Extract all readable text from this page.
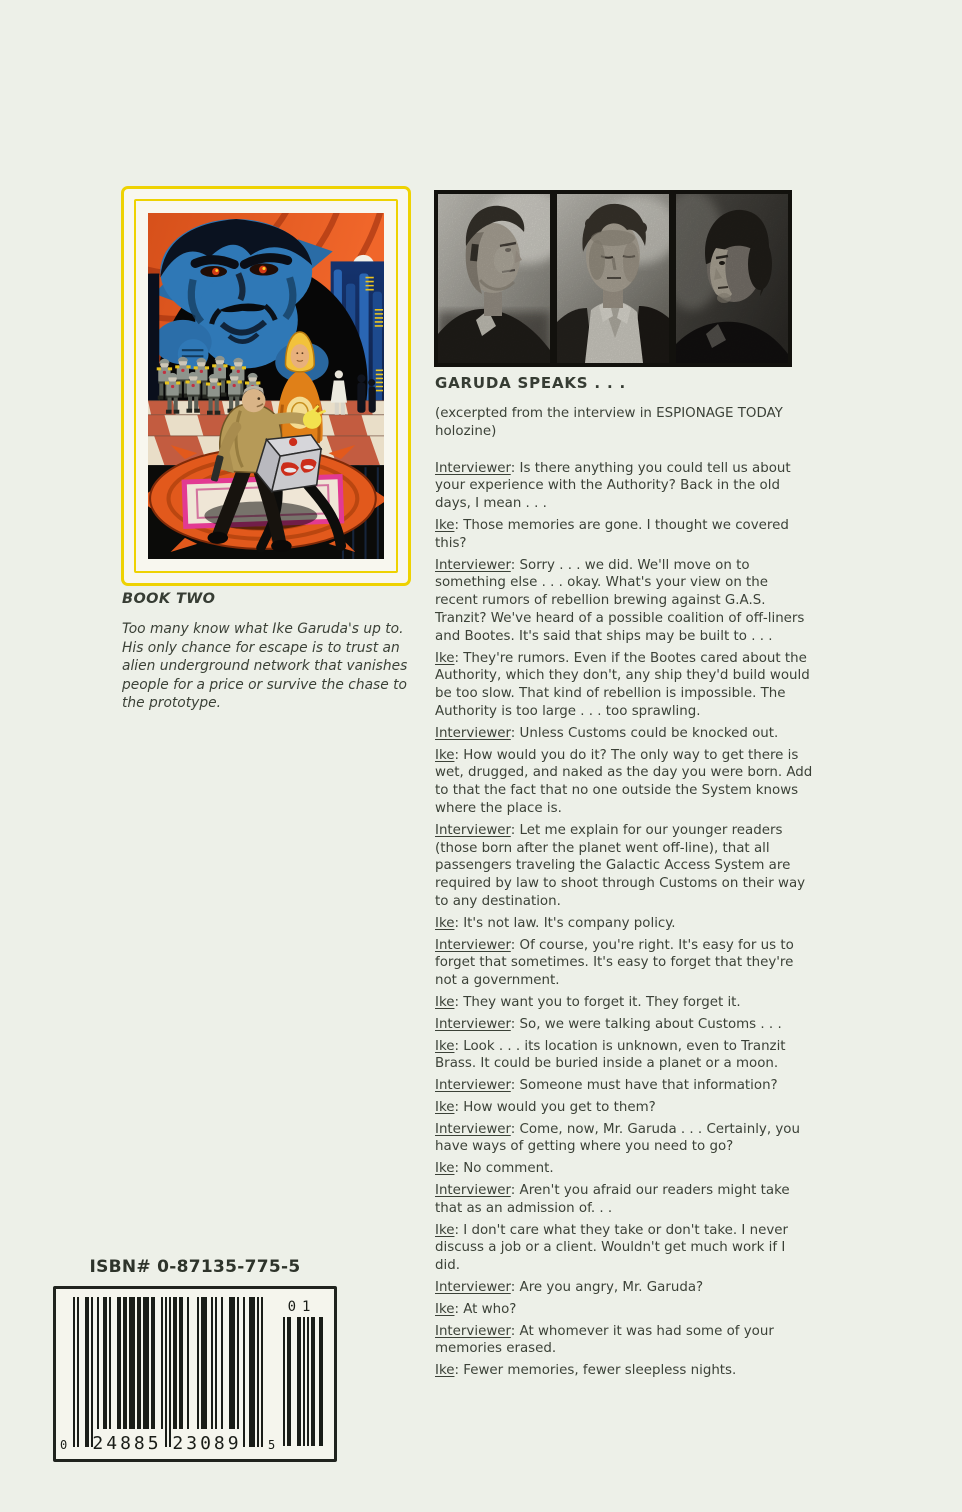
BOOK TWO
Too many know what Ike Garuda's up to. His only chance for escape is to trust an alien underground network that vanishes people for a price or survive the chase to the prototype.
GARUDA SPEAKS . . .
(excerpted from the interview in ESPIONAGE TODAY holozine)

Interviewer: Is there anything you could tell us about your experience with the Authority? Back in the old days, I mean . . .

Ike: Those memories are gone. I thought we covered this?

Interviewer: Sorry . . . we did. We'll move on to something else . . . okay. What's your view on the recent rumors of rebellion brewing against G.A.S. Tranzit? We've heard of a possible coalition of off-liners and Bootes. It's said that ships may be built to . . .

Ike: They're rumors. Even if the Bootes cared about the Authority, which they don't, any ship they'd build would be too slow. That kind of rebellion is impossible. The Authority is too large . . . too sprawling.

Interviewer: Unless Customs could be knocked out.

Ike: How would you do it? The only way to get there is wet, drugged, and naked as the day you were born. Add to that the fact that no one outside the System knows where the place is.

Interviewer: Let me explain for our younger readers (those born after the planet went off-line), that all passengers traveling the Galactic Access System are required by law to shoot through Customs on their way to any destination.

Ike: It's not law. It's company policy.

Interviewer: Of course, you're right. It's easy for us to forget that sometimes. It's easy to forget that they're not a government.

Ike: They want you to forget it. They forget it.

Interviewer: So, we were talking about Customs . . .

Ike: Look . . . its location is unknown, even to Tranzit Brass. It could be buried inside a planet or a moon.

Interviewer: Someone must have that information?

Ike: How would you get to them?

Interviewer: Come, now, Mr. Garuda . . . Certainly, you have ways of getting where you need to go?

Ike: No comment.

Interviewer: Aren't you afraid our readers might take that as an admission of. . .

Ike: I don't care what they take or don't take. I never discuss a job or a client. Wouldn't get much work if I did.

Interviewer: Are you angry, Mr. Garuda?

Ike: At who?

Interviewer: At whomever it was had some of your memories erased.

Ike: Fewer memories, fewer sleepless nights.

ISBN# 0-87135-775-5
0 24885 23089 5
01
